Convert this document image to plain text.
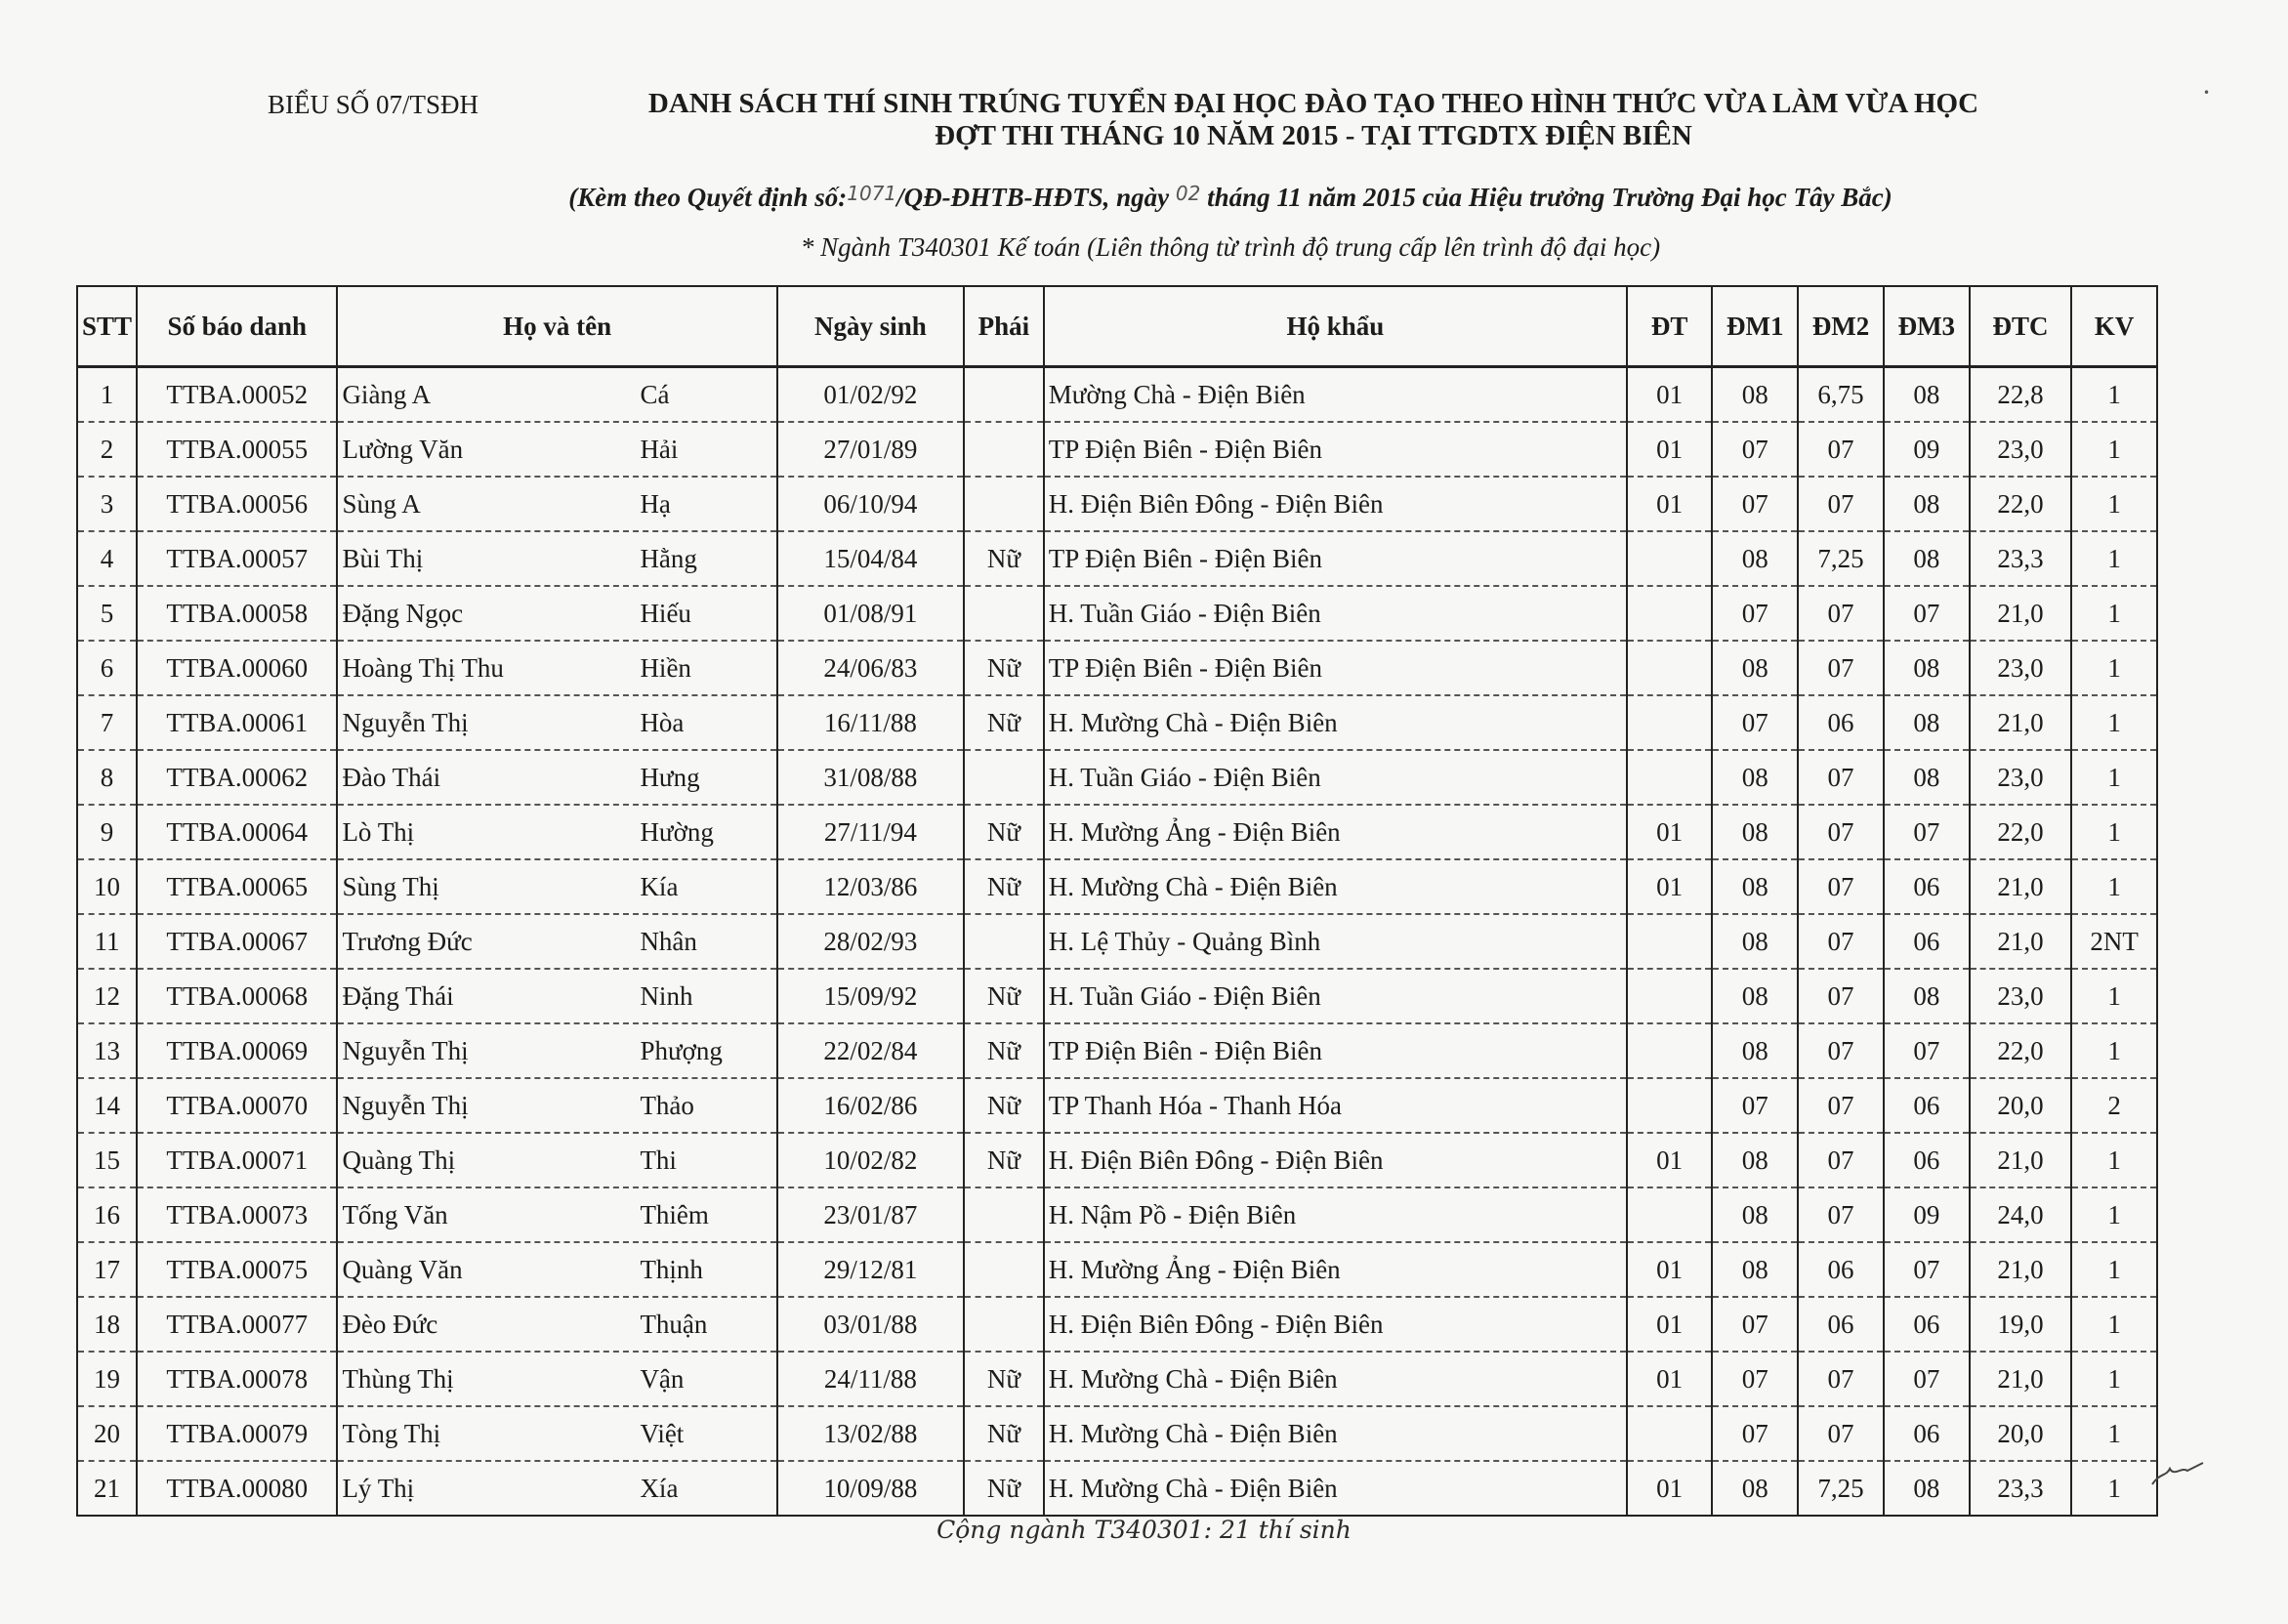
BIỂU SỐ 07/TSĐH	DANH SÁCH THÍ SINH TRÚNG TUYỂN ĐẠI HỌC ĐÀO TẠO THEO HÌNH THỨC VỪA LÀM VỪA HỌC
ĐỢT THI THÁNG 10 NĂM 2015 - TẠI TTGDTX ĐIỆN BIÊN
(Kèm theo Quyết định số:$^{1071}$/QĐ-ĐHTB-HĐTS, ngày $^{02}$ tháng 11 năm 2015 của Hiệu trưởng Trường Đại học Tây Bắc)
* Ngành T340301 Kế toán (Liên thông từ trình độ trung cấp lên trình độ đại học)
STT	Số báo danh	Họ và tên	Ngày sinh	Phái	Hộ khẩu	ĐT	ĐM1	ĐM2	ĐM3	ĐTC	KV
1	TTBA.00052	Giàng A Cá	01/02/92		Mường Chà - Điện Biên	01	08	6,75	08	22,8	1
2	TTBA.00055	Lường Văn Hải	27/01/89		TP Điện Biên - Điện Biên	01	07	07	09	23,0	1
3	TTBA.00056	Sùng A Hạ	06/10/94		H. Điện Biên Đông - Điện Biên	01	07	07	08	22,0	1
4	TTBA.00057	Bùi Thị Hằng	15/04/84	Nữ	TP Điện Biên - Điện Biên		08	7,25	08	23,3	1
5	TTBA.00058	Đặng Ngọc Hiếu	01/08/91		H. Tuần Giáo - Điện Biên		07	07	07	21,0	1
6	TTBA.00060	Hoàng Thị Thu Hiền	24/06/83	Nữ	TP Điện Biên - Điện Biên		08	07	08	23,0	1
7	TTBA.00061	Nguyễn Thị Hòa	16/11/88	Nữ	H. Mường Chà - Điện Biên		07	06	08	21,0	1
8	TTBA.00062	Đào Thái Hưng	31/08/88		H. Tuần Giáo - Điện Biên		08	07	08	23,0	1
9	TTBA.00064	Lò Thị Hường	27/11/94	Nữ	H. Mường Ảng - Điện Biên	01	08	07	07	22,0	1
10	TTBA.00065	Sùng Thị Kía	12/03/86	Nữ	H. Mường Chà - Điện Biên	01	08	07	06	21,0	1
11	TTBA.00067	Trương Đức Nhân	28/02/93		H. Lệ Thủy - Quảng Bình		08	07	06	21,0	2NT
12	TTBA.00068	Đặng Thái Ninh	15/09/92	Nữ	H. Tuần Giáo - Điện Biên		08	07	08	23,0	1
13	TTBA.00069	Nguyễn Thị Phượng	22/02/84	Nữ	TP Điện Biên - Điện Biên		08	07	07	22,0	1
14	TTBA.00070	Nguyễn Thị Thảo	16/02/86	Nữ	TP Thanh Hóa - Thanh Hóa		07	07	06	20,0	2
15	TTBA.00071	Quàng Thị Thi	10/02/82	Nữ	H. Điện Biên Đông - Điện Biên	01	08	07	06	21,0	1
16	TTBA.00073	Tống Văn Thiêm	23/01/87		H. Nậm Pồ - Điện Biên		08	07	09	24,0	1
17	TTBA.00075	Quàng Văn Thịnh	29/12/81		H. Mường Ảng - Điện Biên	01	08	06	07	21,0	1
18	TTBA.00077	Đèo Đức Thuận	03/01/88		H. Điện Biên Đông - Điện Biên	01	07	06	06	19,0	1
19	TTBA.00078	Thùng Thị Vận	24/11/88	Nữ	H. Mường Chà - Điện Biên	01	07	07	07	21,0	1
20	TTBA.00079	Tòng Thị Việt	13/02/88	Nữ	H. Mường Chà - Điện Biên		07	07	06	20,0	1
21	TTBA.00080	Lý Thị Xía	10/09/88	Nữ	H. Mường Chà - Điện Biên	01	08	7,25	08	23,3	1
Cộng ngành T340301: 21 thí sinh
•
